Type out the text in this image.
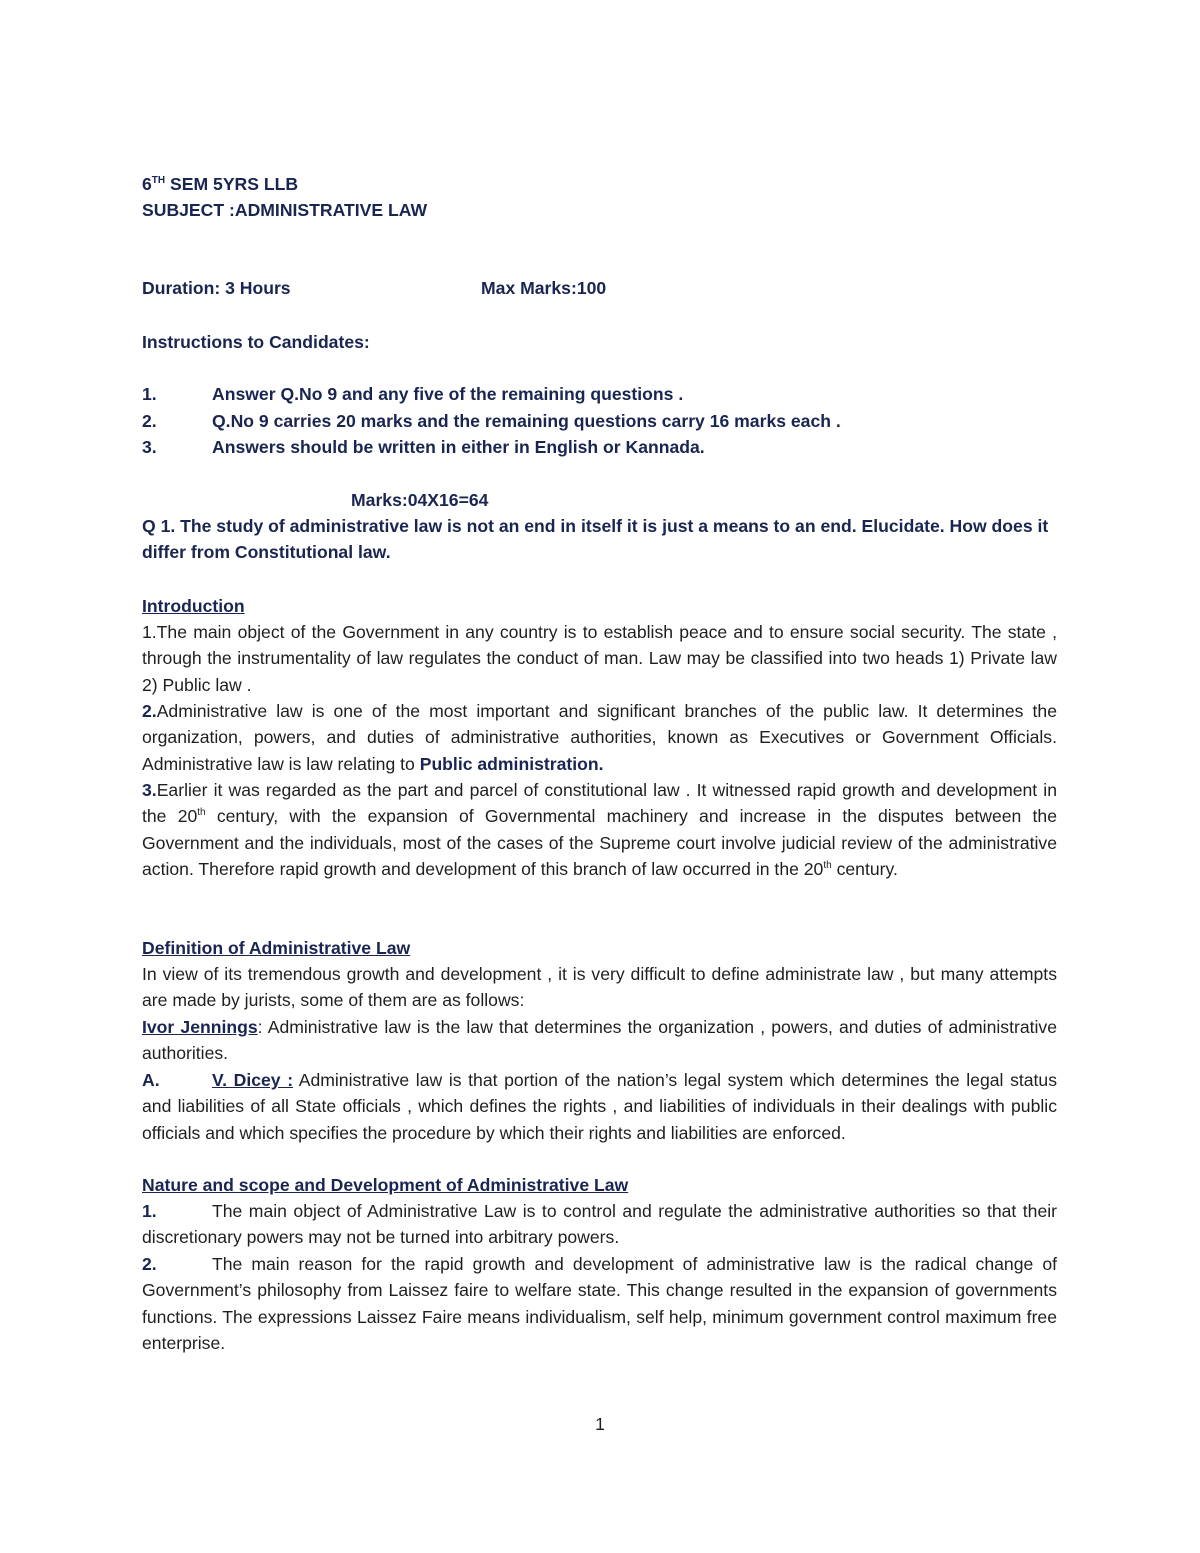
6TH SEM 5YRS LLB
SUBJECT :ADMINISTRATIVE LAW
Duration: 3 Hours	Max Marks:100
Instructions to Candidates:
1.	Answer Q.No 9 and any five of the remaining questions .
2.	Q.No 9 carries 20 marks and the remaining questions carry 16 marks each .
3.	Answers should be written in either in English or Kannada.
Marks:04X16=64

Q 1. The study of administrative law is not an end in itself it is just a means to an end. Elucidate. How does it differ from Constitutional law.

Introduction

1.The main object of the Government in any country is to establish peace and to ensure social security. The state , through the instrumentality of law regulates the conduct of man. Law may be classified into two heads 1) Private law 2) Public law .

2.Administrative law is one of the most important and significant branches of the public law. It determines the organization, powers, and duties of administrative authorities, known as Executives or Government Officials. Administrative law is law relating to Public administration.

3.Earlier it was regarded as the part and parcel of constitutional law . It witnessed rapid growth and development in the 20th century, with the expansion of Governmental machinery and increase in the disputes between the Government and the individuals, most of the cases of the Supreme court involve judicial review of the administrative action. Therefore rapid growth and development of this branch of law occurred in the 20th century.

Definition of Administrative Law

In view of its tremendous growth and development , it is very difficult to define administrate law , but many attempts are made by jurists, some of them are as follows:

Ivor Jennings: Administrative law is the law that determines the organization , powers, and duties of administrative authorities.

A.	V. Dicey : Administrative law is that portion of the nation’s legal system which determines the legal status and liabilities of all State officials , which defines the rights , and liabilities of individuals in their dealings with public officials and which specifies the procedure by which their rights and liabilities are enforced.

Nature and scope and Development of Administrative Law

1.	The main object of Administrative Law is to control and regulate the administrative authorities so that their discretionary powers may not be turned into arbitrary powers.

2.	The main reason for the rapid growth and development of administrative law is the radical change of Government’s philosophy from Laissez faire to welfare state. This change resulted in the expansion of governments functions. The expressions Laissez Faire means individualism, self help, minimum government control maximum free enterprise.

1
